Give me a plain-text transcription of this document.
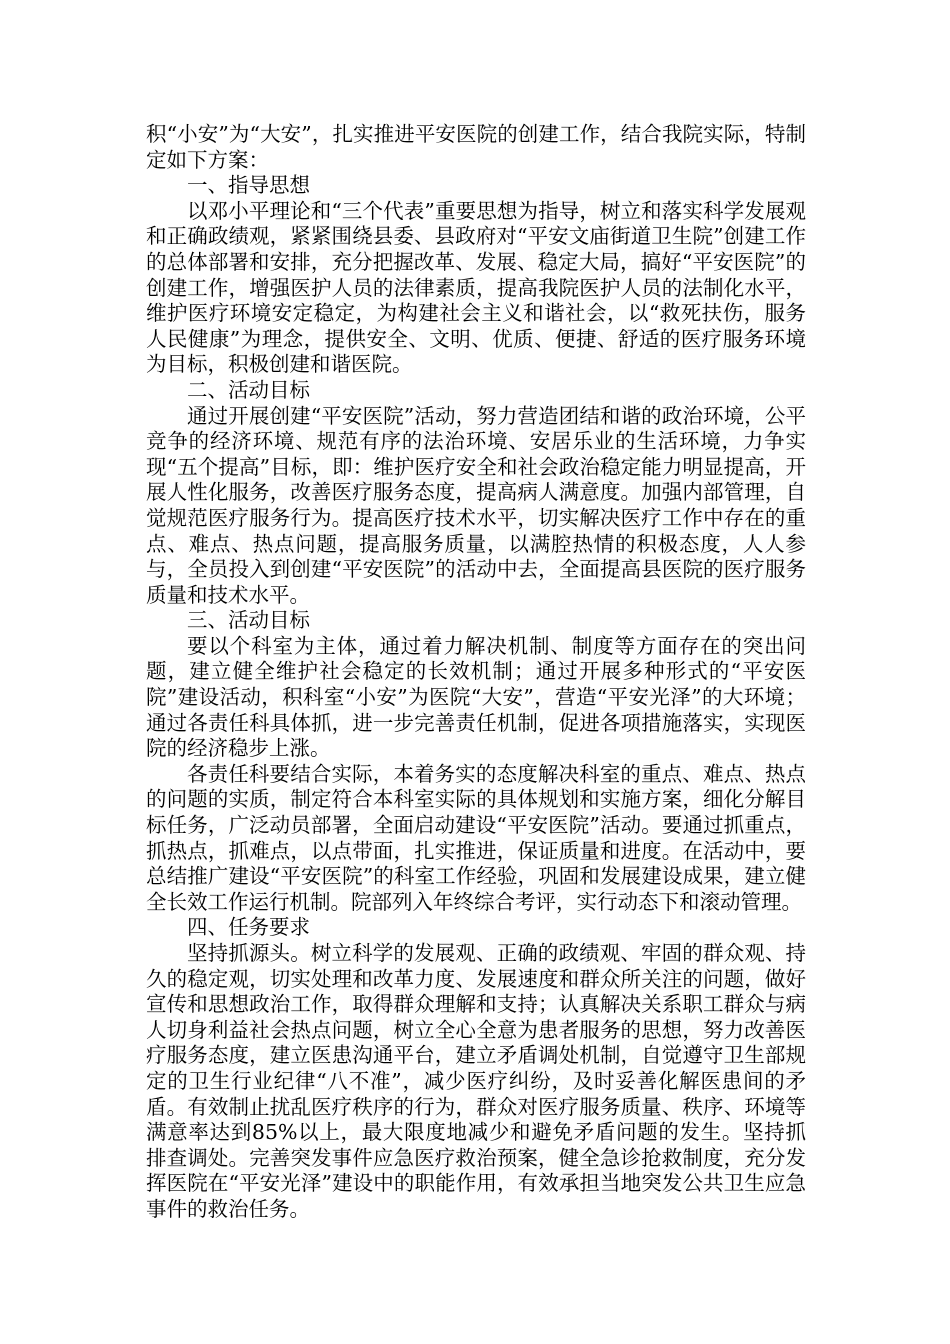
积“小安”为“大安”，扎实推进平安医院的创建工作，结合我院实际，特制定如下方案：

一、指导思想

以邓小平理论和“三个代表”重要思想为指导，树立和落实科学发展观和正确政绩观，紧紧围绕县委、县政府对“平安文庙街道卫生院”创建工作的总体部署和安排，充分把握改革、发展、稳定大局，搞好“平安医院”的创建工作，增强医护人员的法律素质，提高我院医护人员的法制化水平，维护医疗环境安定稳定，为构建社会主义和谐社会，以“救死扶伤，服务人民健康”为理念，提供安全、文明、优质、便捷、舒适的医疗服务环境为目标，积极创建和谐医院。

二、活动目标

通过开展创建“平安医院”活动，努力营造团结和谐的政治环境，公平竞争的经济环境、规范有序的法治环境、安居乐业的生活环境，力争实现“五个提高”目标，即：维护医疗安全和社会政治稳定能力明显提高，开展人性化服务，改善医疗服务态度，提高病人满意度。加强内部管理，自觉规范医疗服务行为。提高医疗技术水平，切实解决医疗工作中存在的重点、难点、热点问题，提高服务质量，以满腔热情的积极态度，人人参与，全员投入到创建“平安医院”的活动中去，全面提高县医院的医疗服务质量和技术水平。

三、活动目标

要以个科室为主体，通过着力解决机制、制度等方面存在的突出问题，建立健全维护社会稳定的长效机制；通过开展多种形式的“平安医院”建设活动，积科室“小安”为医院“大安”，营造“平安光泽”的大环境；通过各责任科具体抓，进一步完善责任机制，促进各项措施落实，实现医院的经济稳步上涨。

各责任科要结合实际，本着务实的态度解决科室的重点、难点、热点的问题的实质，制定符合本科室实际的具体规划和实施方案，细化分解目标任务，广泛动员部署，全面启动建设“平安医院”活动。要通过抓重点，抓热点，抓难点，以点带面，扎实推进，保证质量和进度。在活动中，要总结推广建设“平安医院”的科室工作经验，巩固和发展建设成果，建立健全长效工作运行机制。院部列入年终综合考评，实行动态下和滚动管理。

四、任务要求

坚持抓源头。树立科学的发展观、正确的政绩观、牢固的群众观、持久的稳定观，切实处理和改革力度、发展速度和群众所关注的问题，做好宣传和思想政治工作，取得群众理解和支持；认真解决关系职工群众与病人切身利益社会热点问题，树立全心全意为患者服务的思想，努力改善医疗服务态度，建立医患沟通平台，建立矛盾调处机制，自觉遵守卫生部规定的卫生行业纪律“八不准”，减少医疗纠纷，及时妥善化解医患间的矛盾。有效制止扰乱医疗秩序的行为，群众对医疗服务质量、秩序、环境等满意率达到85%以上，最大限度地减少和避免矛盾问题的发生。坚持抓排查调处。完善突发事件应急医疗救治预案，健全急诊抢救制度，充分发挥医院在“平安光泽”建设中的职能作用，有效承担当地突发公共卫生应急事件的救治任务。
